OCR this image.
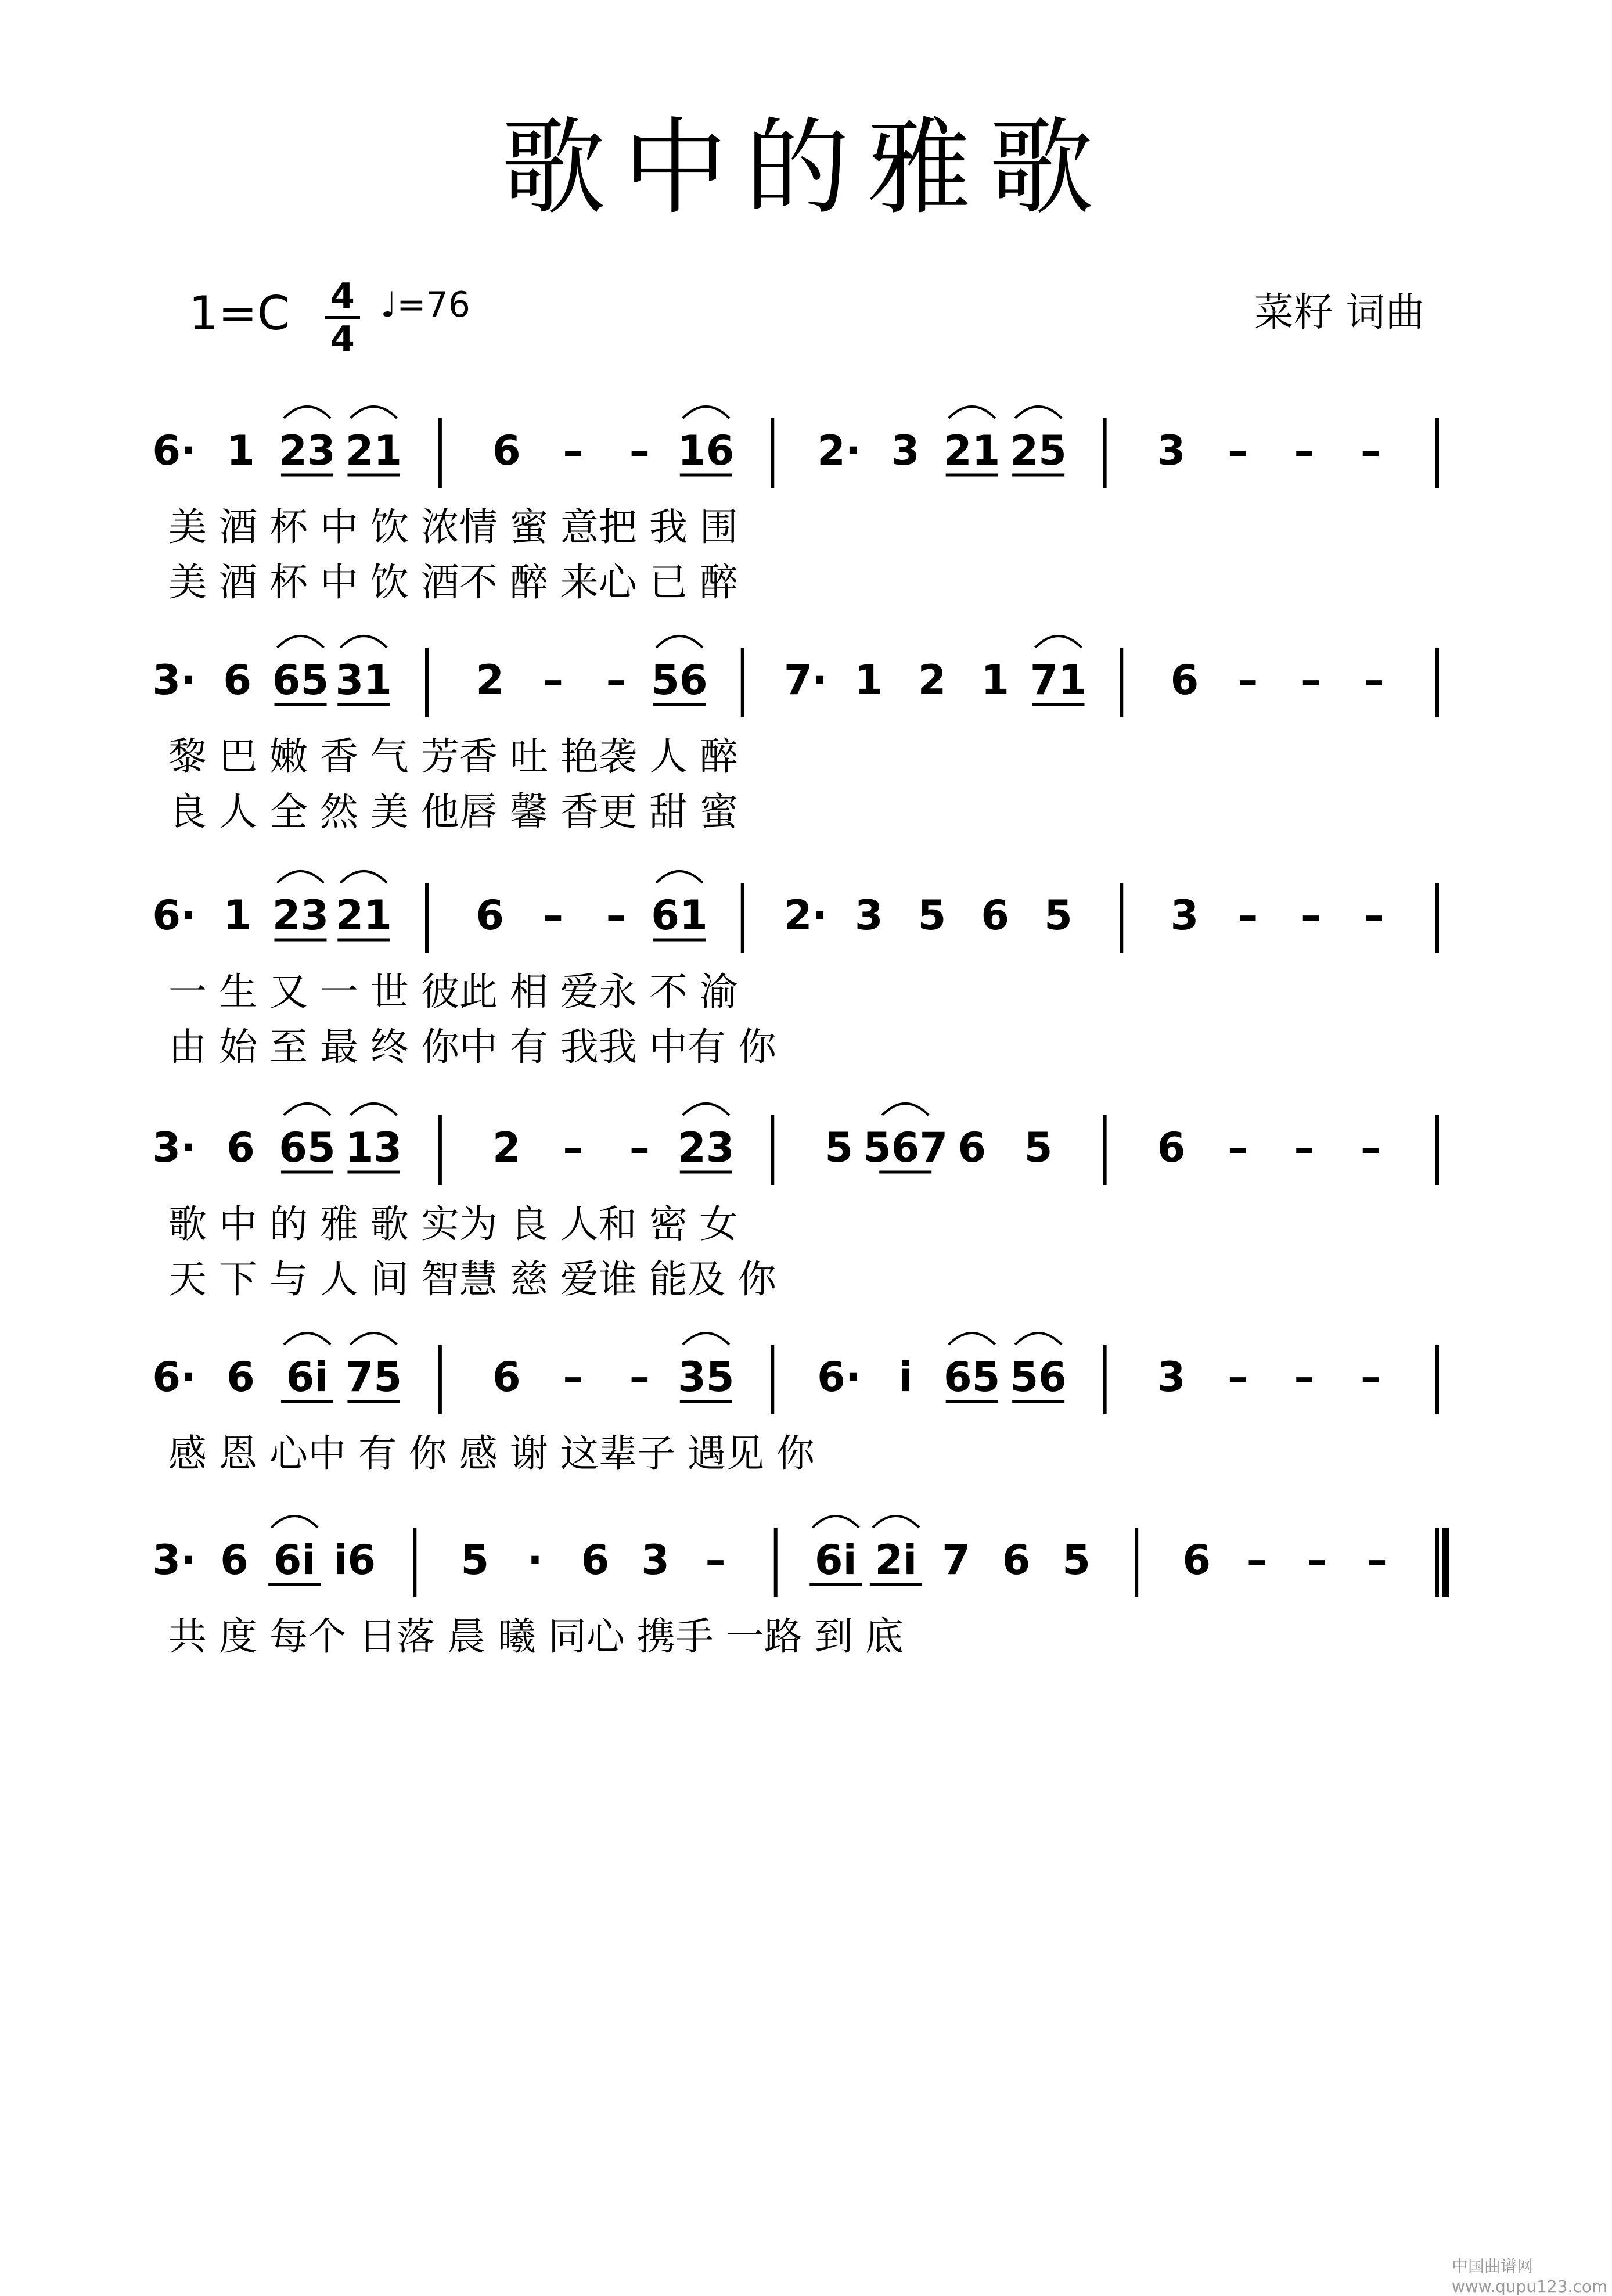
歌中的雅歌
1=C 4
4
♩=76	菜籽 词曲
6· 1 23 21 6 – – 16 2· 3 21 25 3 – – –
美 酒 杯 中 饮 浓情 蜜 意把 我 围
美 酒 杯 中 饮 酒不 醉 来心 已 醉
3· 6 65 31 2 – – 56 7· 1 2 1 71 6 – – –
黎 巴 嫩 香 气 芳香 吐 艳袭 人 醉
良 人 全 然 美 他唇 馨 香更 甜 蜜
6· 1 23 21 6 – – 61 2· 3 5 6 5 3 – – –
一 生 又 一 世 彼此 相 爱永 不 渝
由 始 至 最 终 你中 有 我我 中有 你
3· 6 65 13 2 – – 23 5 567 6 5	6 – – –
歌 中 的 雅 歌 实为 良 人和 密 女
天 下 与 人 间 智慧 慈 爱谁 能及 你
6· 6 6i 75 6 – – 35 6· i 65 56 3 – – –
感 恩 心中 有 你 感 谢 这辈子 遇见 你
3· 6 6i i6 5 · 6 3 – 6i 2i 7 6 5 6 – – –
共 度 每个 日落 晨 曦 同心 携手 一路 到 底
中国曲谱网 www.qupu123.com
